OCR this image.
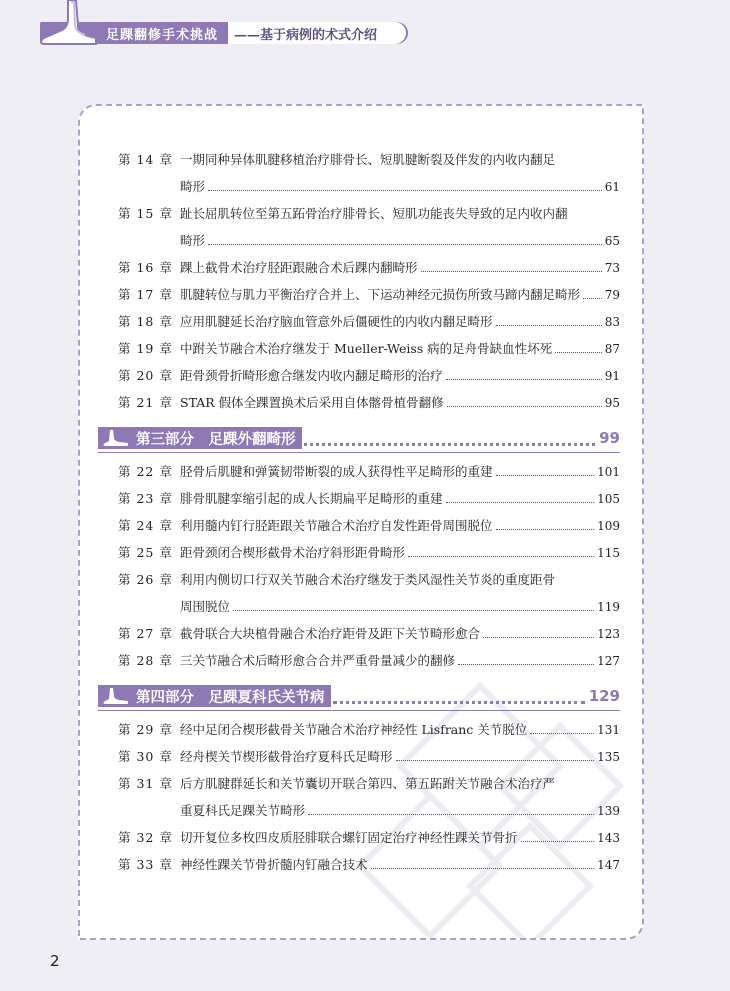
足踝翻修手术挑战 ——基于病例的术式介绍
第 14 章 一期同种异体肌腱移植治疗腓骨长、短肌腱断裂及伴发的内收内翻足
畸形	61
第 15 章 趾长屈肌转位至第五跖骨治疗腓骨长、短肌功能丧失导致的足内收内翻
畸形	65
第 16 章 踝上截骨术治疗胫距跟融合术后踝内翻畸形	73
第 17 章 肌腱转位与肌力平衡治疗合并上、下运动神经元损伤所致马蹄内翻足畸形 79
第 18 章 应用肌腱延长治疗脑血管意外后僵硬性的内收内翻足畸形	83
第 19 章 中跗关节融合术治疗继发于 Mueller-Weiss 病的足舟骨缺血性坏死	87
第 20 章 距骨颈骨折畸形愈合继发内收内翻足畸形的治疗	91
第 21 章 STAR 假体全踝置换术后采用自体髂骨植骨翻修	95
第三部分　足踝外翻畸形	99
第 22 章 胫骨后肌腱和弹簧韧带断裂的成人获得性平足畸形的重建	101
第 23 章 腓骨肌腱挛缩引起的成人长期扁平足畸形的重建	105
第 24 章 利用髓内钉行胫距跟关节融合术治疗自发性距骨周围脱位	109
第 25 章 距骨颈闭合楔形截骨术治疗斜形距骨畸形	115
第 26 章 利用内侧切口行双关节融合术治疗继发于类风湿性关节炎的重度距骨
周围脱位	119
第 27 章 截骨联合大块植骨融合术治疗距骨及距下关节畸形愈合	123
第 28 章 三关节融合术后畸形愈合合并严重骨量减少的翻修	127
第四部分　足踝夏科氏关节病	129
第 29 章 经中足闭合楔形截骨关节融合术治疗神经性 Lisfranc 关节脱位	131
第 30 章 经舟楔关节楔形截骨治疗夏科氏足畸形	135
第 31 章 后方肌腱群延长和关节囊切开联合第四、第五跖跗关节融合术治疗严
重夏科氏足踝关节畸形	139
第 32 章 切开复位多枚四皮质胫腓联合螺钉固定治疗神经性踝关节骨折	143
第 33 章 神经性踝关节骨折髓内钉融合技术	147
2
